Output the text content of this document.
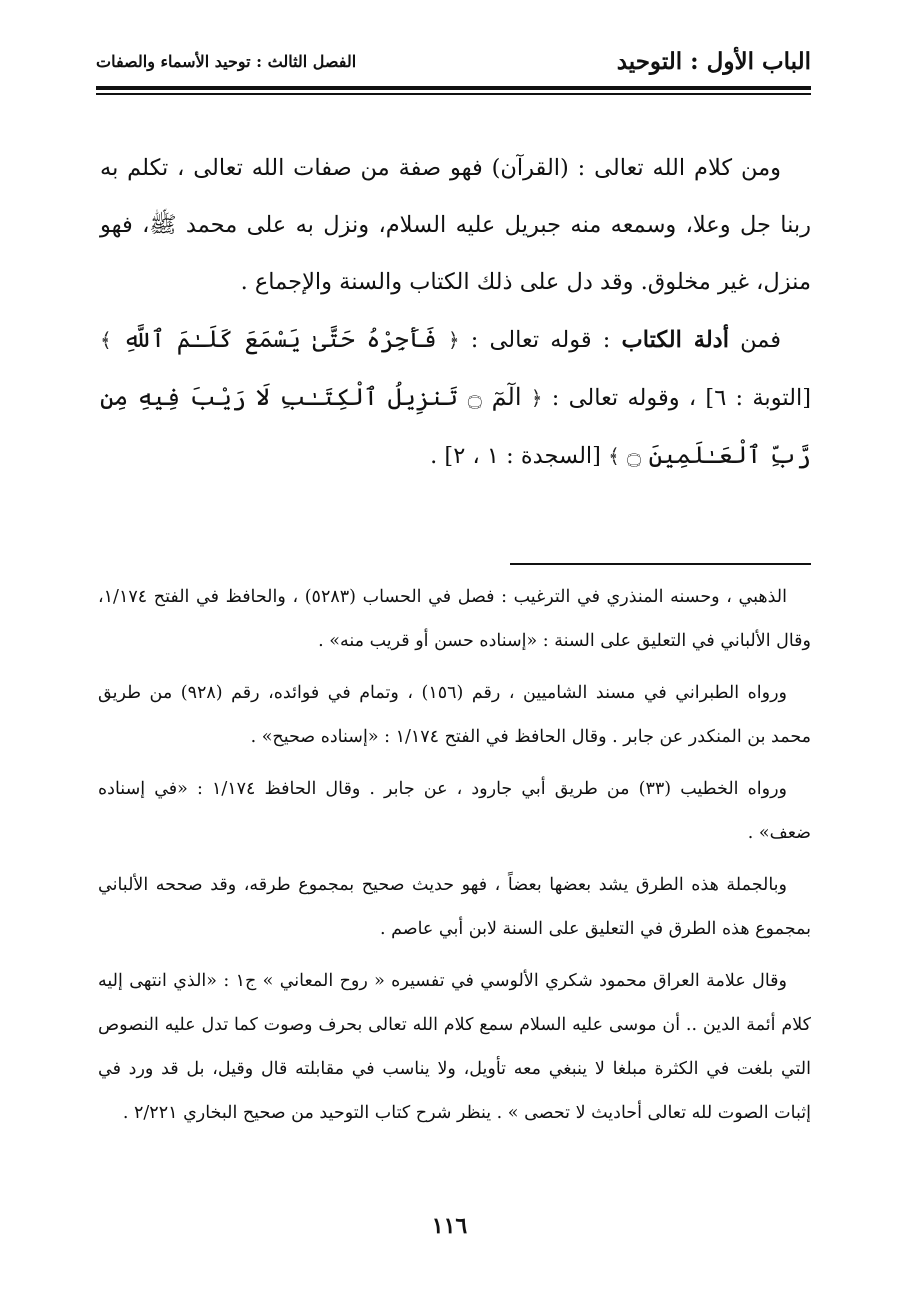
الباب الأول : التوحيد
الفصل الثالث : توحيد الأسماء والصفات

ومن كلام الله تعالى : (القرآن) فهو صفة من صفات الله تعالى ، تكلم به ربنا جل وعلا، وسمعه منه جبريل عليه السلام، ونزل به على محمد ﷺ، فهو منزل، غير مخلوق. وقد دل على ذلك الكتاب والسنة والإجماع .

فمن أدلة الكتاب : قوله تعالى : ﴿ فَأَجِرْهُ حَتَّىٰ يَسْمَعَ كَلَـٰمَ ٱللَّهِ ﴾ [التوبة : ٦] ، وقوله تعالى : ﴿ الٓمٓ ۝ تَنزِيلُ ٱلْكِتَـٰبِ لَا رَيْبَ فِيهِ مِن رَّبِّ ٱلْعَـٰلَمِينَ ۝ ﴾ [السجدة : ١ ، ٢] .

الذهبي ، وحسنه المنذري في الترغيب : فصل في الحساب (٥٢٨٣) ، والحافظ في الفتح ١/١٧٤، وقال الألباني في التعليق على السنة : «إسناده حسن أو قريب منه» .

ورواه الطبراني في مسند الشاميين ، رقم (١٥٦) ، وتمام في فوائده، رقم (٩٢٨) من طريق محمد بن المنكدر عن جابر . وقال الحافظ في الفتح ١/١٧٤ : «إسناده صحيح» .

ورواه الخطيب (٣٣) من طريق أبي جارود ، عن جابر . وقال الحافظ ١/١٧٤ : «في إسناده ضعف» .

وبالجملة هذه الطرق يشد بعضها بعضاً ، فهو حديث صحيح بمجموع طرقه، وقد صححه الألباني بمجموع هذه الطرق في التعليق على السنة لابن أبي عاصم .

وقال علامة العراق محمود شكري الألوسي في تفسيره « روح المعاني » ج١ : «الذي انتهى إليه كلام أئمة الدين .. أن موسى عليه السلام سمع كلام الله تعالى بحرف وصوت كما تدل عليه النصوص التي بلغت في الكثرة مبلغا لا ينبغي معه تأويل، ولا يناسب في مقابلته قال وقيل، بل قد ورد في إثبات الصوت لله تعالى أحاديث لا تحصى » . ينظر شرح كتاب التوحيد من صحيح البخاري ٢/٢٢١ .

١١٦
